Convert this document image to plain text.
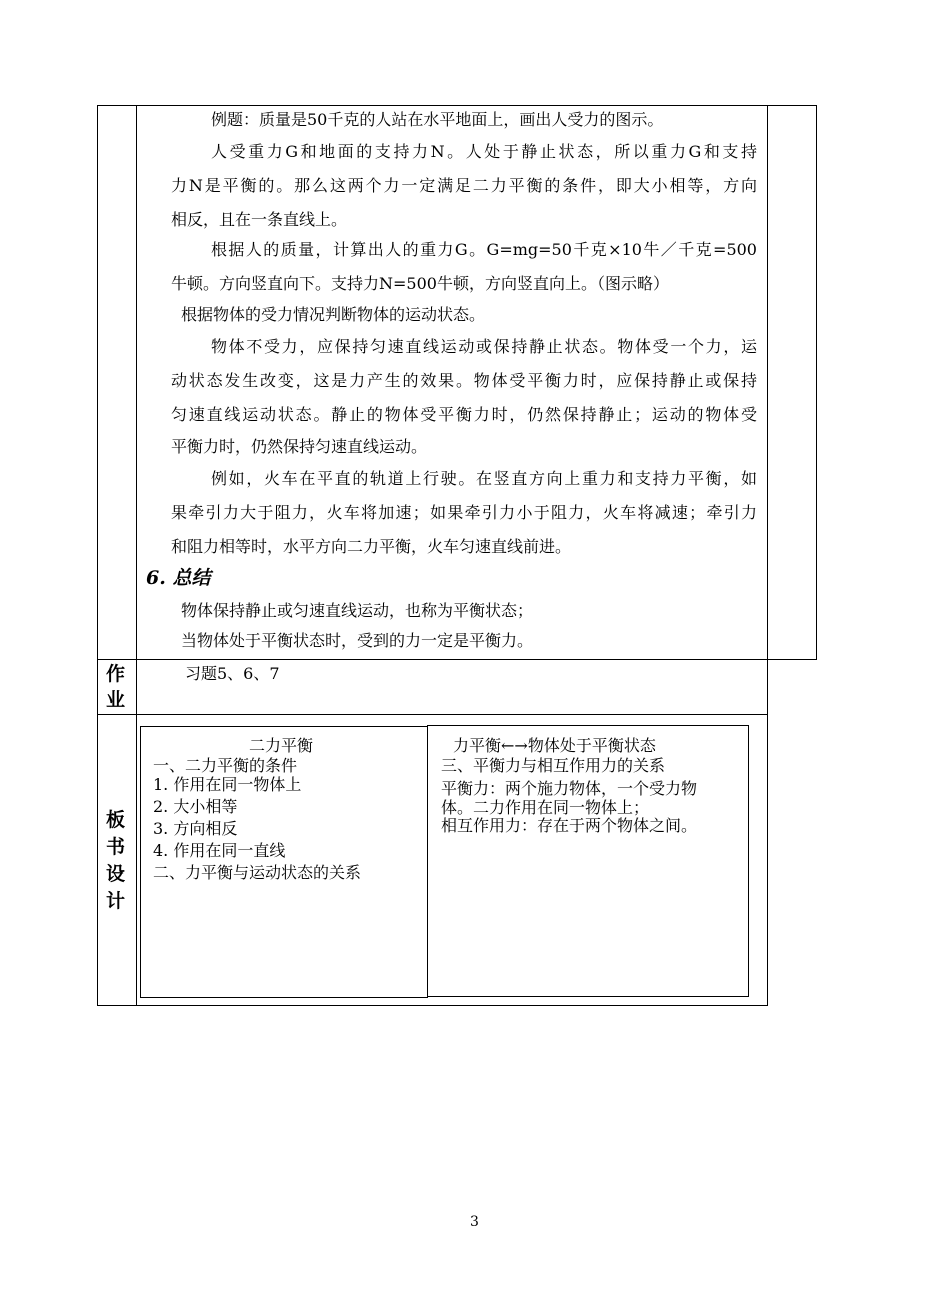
例题：质量是50千克的人站在水平地面上，画出人受力的图示。
人受重力G和地面的支持力N。人处于静止状态，所以重力G和支持
力N是平衡的。那么这两个力一定满足二力平衡的条件，即大小相等，方向
相反，且在一条直线上。
根据人的质量，计算出人的重力G。G=mg=50千克×10牛／千克=500
牛顿。方向竖直向下。支持力N=500牛顿，方向竖直向上。（图示略）
根据物体的受力情况判断物体的运动状态。
物体不受力，应保持匀速直线运动或保持静止状态。物体受一个力，运
动状态发生改变，这是力产生的效果。物体受平衡力时，应保持静止或保持
匀速直线运动状态。静止的物体受平衡力时，仍然保持静止；运动的物体受
平衡力时，仍然保持匀速直线运动。
例如，火车在平直的轨道上行驶。在竖直方向上重力和支持力平衡，如
果牵引力大于阻力，火车将加速；如果牵引力小于阻力，火车将减速；牵引力
和阻力相等时，水平方向二力平衡，火车匀速直线前进。
6. 总结
物体保持静止或匀速直线运动，也称为平衡状态；
当物体处于平衡状态时，受到的力一定是平衡力。
作
业
习题5、6、7
板
书
设
计
二力平衡
一、二力平衡的条件
1. 作用在同一物体上
2. 大小相等
3. 方向相反
4. 作用在同一直线
二、力平衡与运动状态的关系
力平衡←→物体处于平衡状态
三、平衡力与相互作用力的关系
平衡力：两个施力物体，一个受力物
体。二力作用在同一物体上；
相互作用力：存在于两个物体之间。
3
